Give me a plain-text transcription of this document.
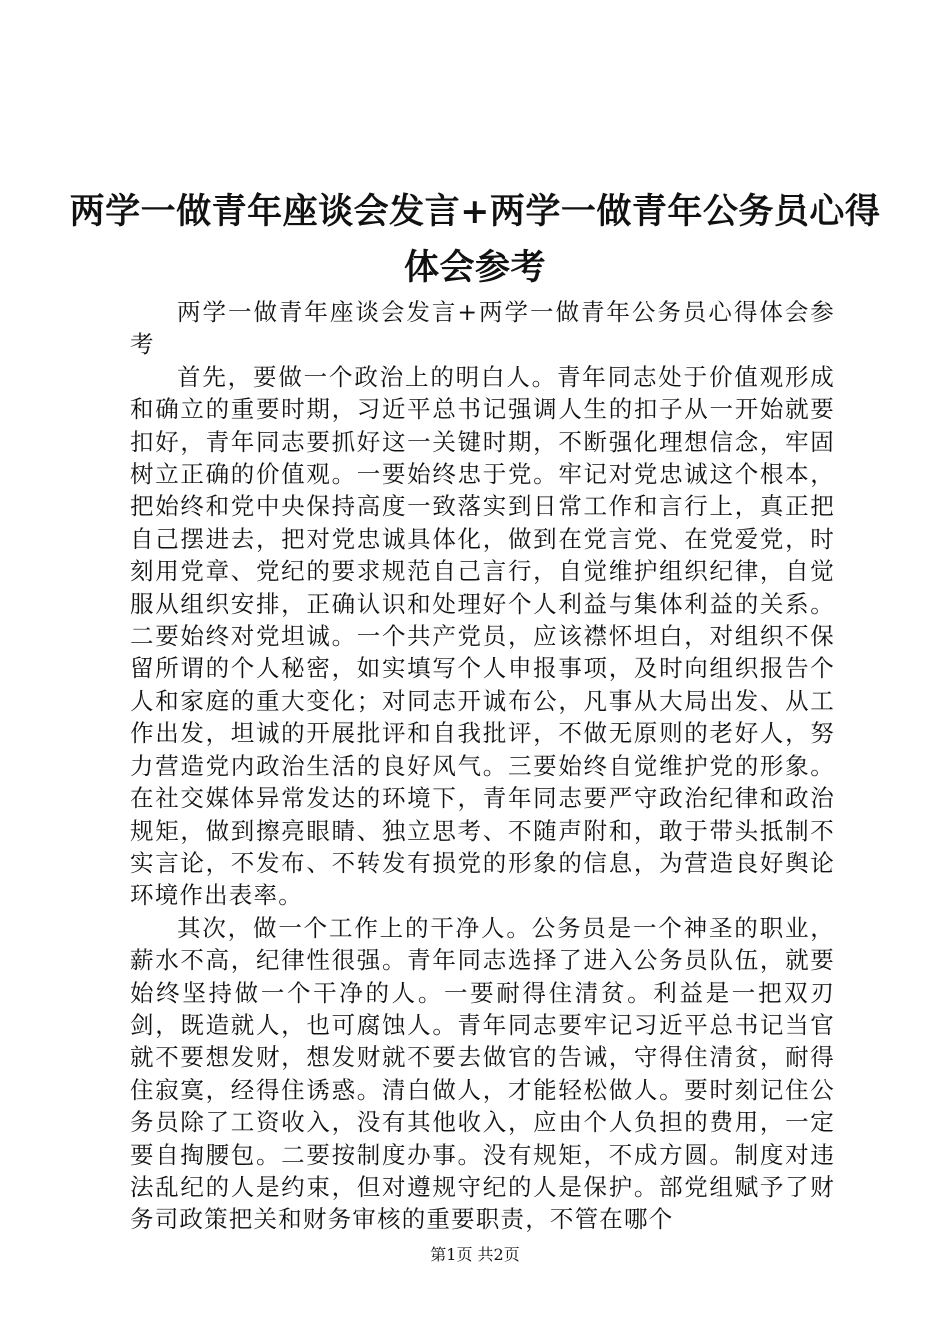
两学一做青年座谈会发言+两学一做青年公务员心得体会参考

两学一做青年座谈会发言+两学一做青年公务员心得体会参考

首先，要做一个政治上的明白人。青年同志处于价值观形成和确立的重要时期，习近平总书记强调人生的扣子从一开始就要扣好，青年同志要抓好这一关键时期，不断强化理想信念，牢固树立正确的价值观。一要始终忠于党。牢记对党忠诚这个根本，把始终和党中央保持高度一致落实到日常工作和言行上，真正把自己摆进去，把对党忠诚具体化，做到在党言党、在党爱党，时刻用党章、党纪的要求规范自己言行，自觉维护组织纪律，自觉服从组织安排，正确认识和处理好个人利益与集体利益的关系。二要始终对党坦诚。一个共产党员，应该襟怀坦白，对组织不保留所谓的个人秘密，如实填写个人申报事项，及时向组织报告个人和家庭的重大变化；对同志开诚布公，凡事从大局出发、从工作出发，坦诚的开展批评和自我批评，不做无原则的老好人，努力营造党内政治生活的良好风气。三要始终自觉维护党的形象。在社交媒体异常发达的环境下，青年同志要严守政治纪律和政治规矩，做到擦亮眼睛、独立思考、不随声附和，敢于带头抵制不实言论，不发布、不转发有损党的形象的信息，为营造良好舆论环境作出表率。

其次，做一个工作上的干净人。公务员是一个神圣的职业，薪水不高，纪律性很强。青年同志选择了进入公务员队伍，就要始终坚持做一个干净的人。一要耐得住清贫。利益是一把双刃剑，既造就人，也可腐蚀人。青年同志要牢记习近平总书记当官就不要想发财，想发财就不要去做官的告诫，守得住清贫，耐得住寂寞，经得住诱惑。清白做人，才能轻松做人。要时刻记住公务员除了工资收入，没有其他收入，应由个人负担的费用，一定要自掏腰包。二要按制度办事。没有规矩，不成方圆。制度对违法乱纪的人是约束，但对遵规守纪的人是保护。部党组赋予了财务司政策把关和财务审核的重要职责，不管在哪个

第1页 共2页
